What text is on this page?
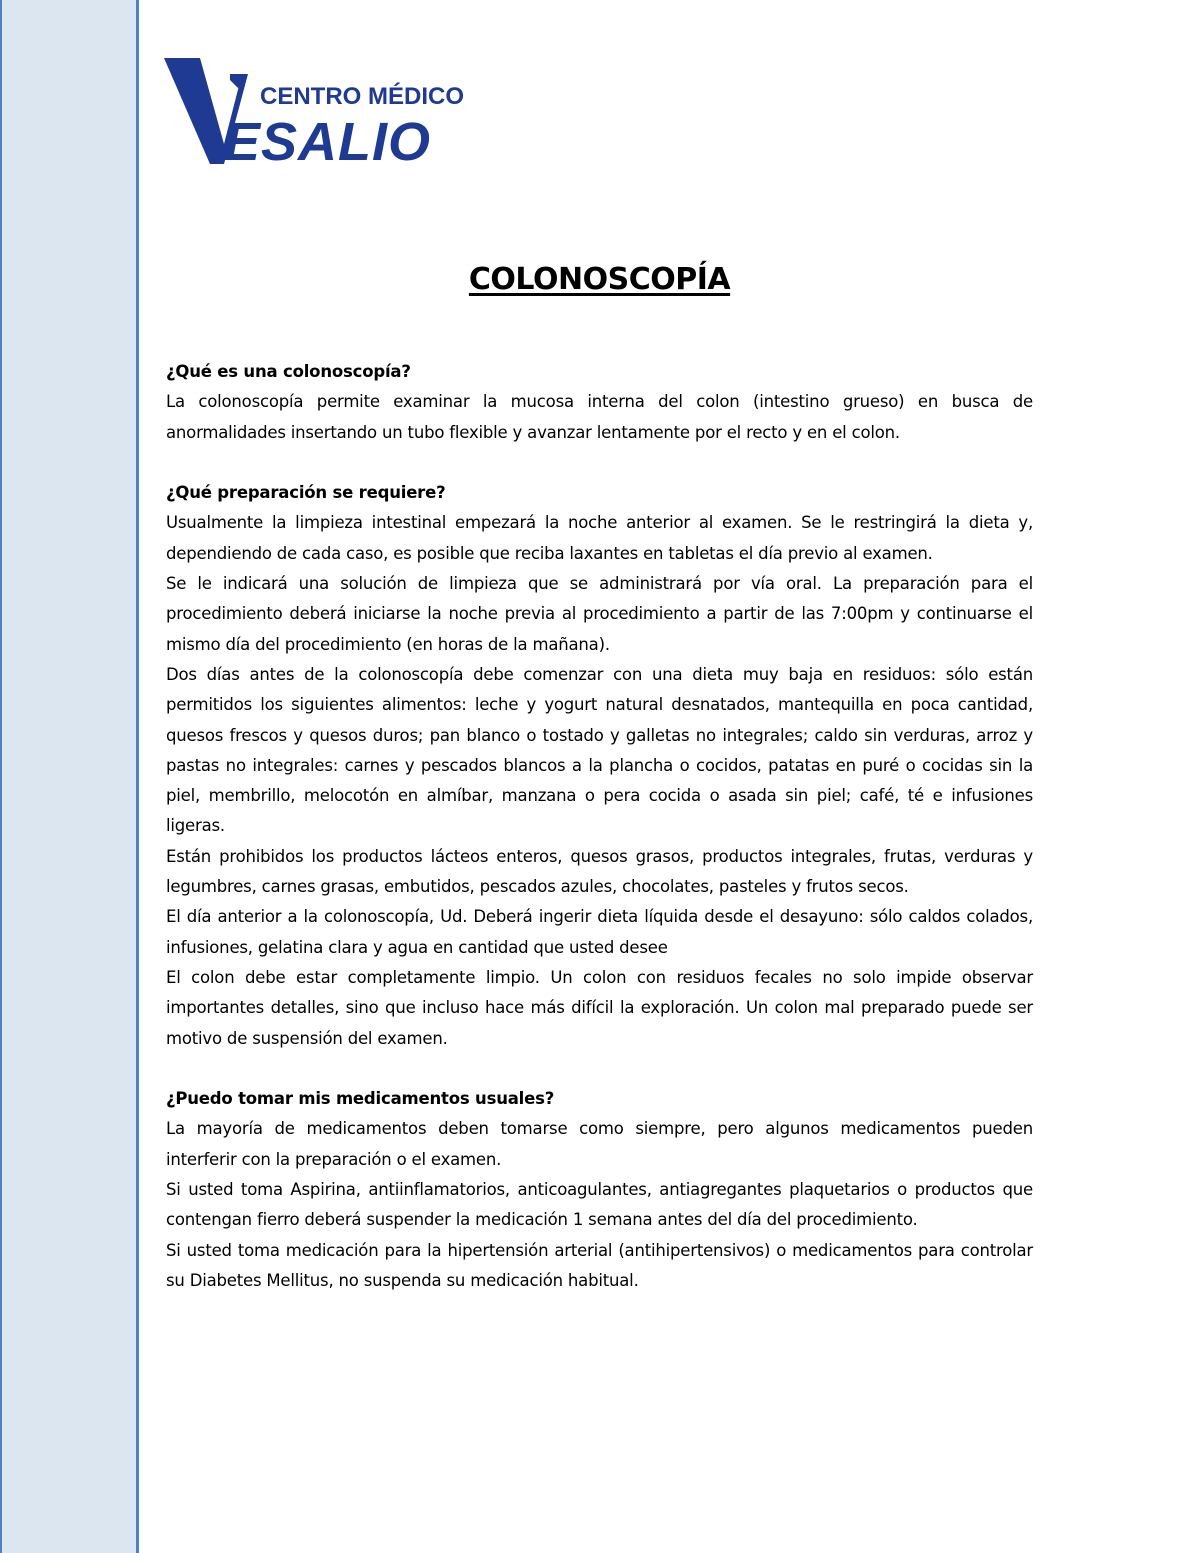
CENTRO MÉDICO
ESALIO
COLONOSCOPÍA
¿Qué es una colonoscopía?

La colonoscopía permite examinar la mucosa interna del colon (intestino grueso) en busca de anormalidades insertando un tubo flexible y avanzar lentamente por el recto y en el colon.

¿Qué preparación se requiere?

Usualmente la limpieza intestinal empezará la noche anterior al examen. Se le restringirá la dieta y, dependiendo de cada caso, es posible que reciba laxantes en tabletas el día previo al examen.

Se le indicará una solución de limpieza que se administrará por vía oral. La preparación para el procedimiento deberá iniciarse la noche previa al procedimiento a partir de las 7:00pm y continuarse el mismo día del procedimiento (en horas de la mañana).

Dos días antes de la colonoscopía debe comenzar con una dieta muy baja en residuos: sólo están permitidos los siguientes alimentos: leche y yogurt natural desnatados, mantequilla en poca cantidad, quesos frescos y quesos duros; pan blanco o tostado y galletas no integrales; caldo sin verduras, arroz y pastas no integrales: carnes y pescados blancos a la plancha o cocidos, patatas en puré o cocidas sin la piel, membrillo, melocotón en almíbar, manzana o pera cocida o asada sin piel; café, té e infusiones ligeras.

Están prohibidos los productos lácteos enteros, quesos grasos, productos integrales, frutas, verduras y legumbres, carnes grasas, embutidos, pescados azules, chocolates, pasteles y frutos secos.

El día anterior a la colonoscopía, Ud. Deberá ingerir dieta líquida desde el desayuno: sólo caldos colados, infusiones, gelatina clara y agua en cantidad que usted desee

El colon debe estar completamente limpio. Un colon con residuos fecales no solo impide observar importantes detalles, sino que incluso hace más difícil la exploración. Un colon mal preparado puede ser motivo de suspensión del examen.

¿Puedo tomar mis medicamentos usuales?

La mayoría de medicamentos deben tomarse como siempre, pero algunos medicamentos pueden interferir con la preparación o el examen.

Si usted toma Aspirina, antiinflamatorios, anticoagulantes, antiagregantes plaquetarios o productos que contengan fierro deberá suspender la medicación 1 semana antes del día del procedimiento.

Si usted toma medicación para la hipertensión arterial (antihipertensivos) o medicamentos para controlar su Diabetes Mellitus, no suspenda su medicación habitual.
